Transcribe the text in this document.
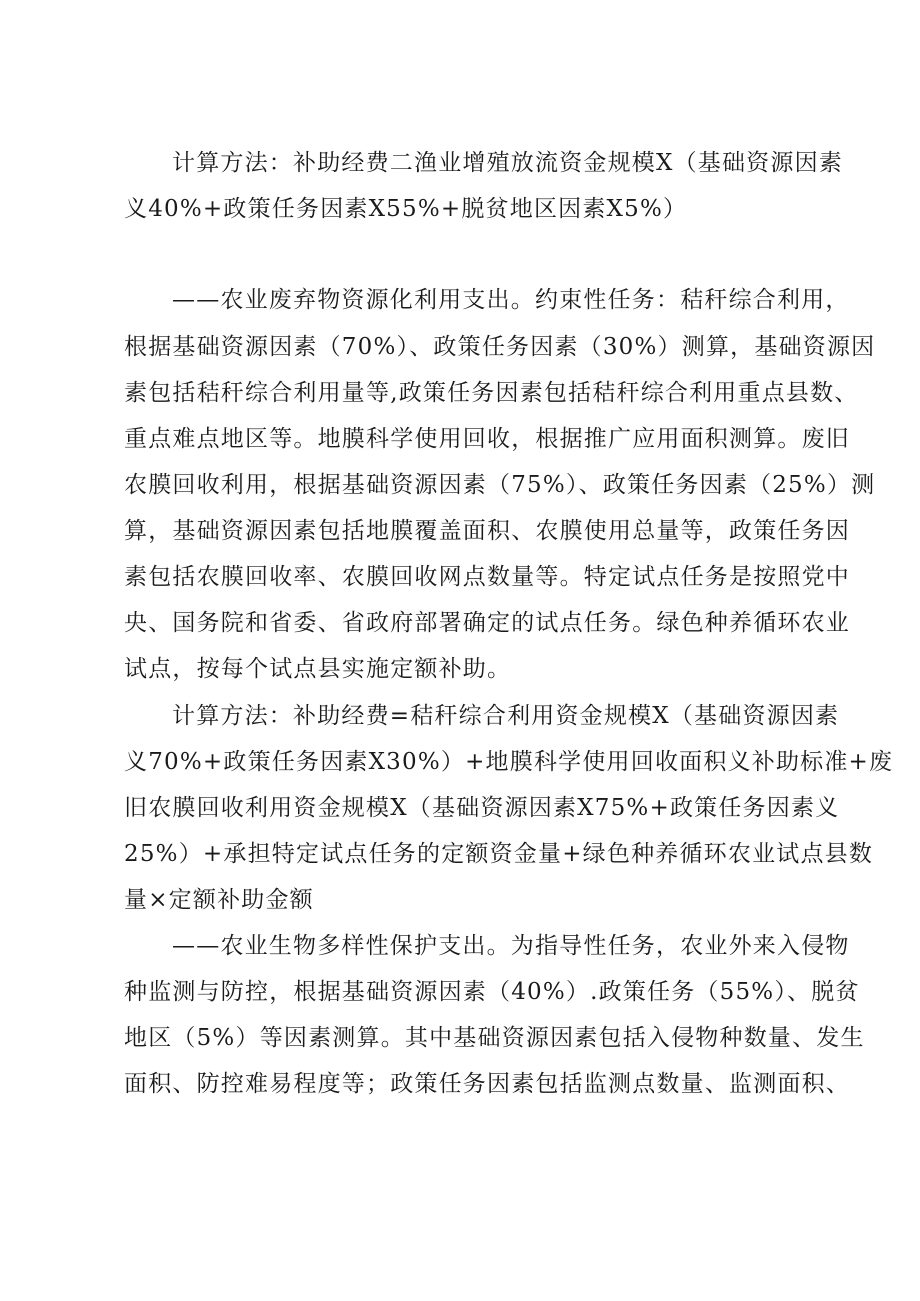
计算方法：补助经费二渔业增殖放流资金规模X（基础资源因素
义40%+政策任务因素X55%+脱贫地区因素X5%）
——农业废弃物资源化利用支出。约束性任务：秸秆综合利用，
根据基础资源因素（70%）、政策任务因素（30%）测算，基础资源因
素包括秸秆综合利用量等,政策任务因素包括秸秆综合利用重点县数、
重点难点地区等。地膜科学使用回收，根据推广应用面积测算。废旧
农膜回收利用，根据基础资源因素（75%）、政策任务因素（25%）测
算，基础资源因素包括地膜覆盖面积、农膜使用总量等，政策任务因
素包括农膜回收率、农膜回收网点数量等。特定试点任务是按照党中
央、国务院和省委、省政府部署确定的试点任务。绿色种养循环农业
试点，按每个试点县实施定额补助。
计算方法：补助经费=秸秆综合利用资金规模X（基础资源因素
义70%+政策任务因素X30%）+地膜科学使用回收面积义补助标准+废
旧农膜回收利用资金规模X（基础资源因素X75%+政策任务因素义
25%）+承担特定试点任务的定额资金量+绿色种养循环农业试点县数
量×定额补助金额
——农业生物多样性保护支出。为指导性任务，农业外来入侵物
种监测与防控，根据基础资源因素（40%）.政策任务（55%）、脱贫
地区（5%）等因素测算。其中基础资源因素包括入侵物种数量、发生
面积、防控难易程度等；政策任务因素包括监测点数量、监测面积、
